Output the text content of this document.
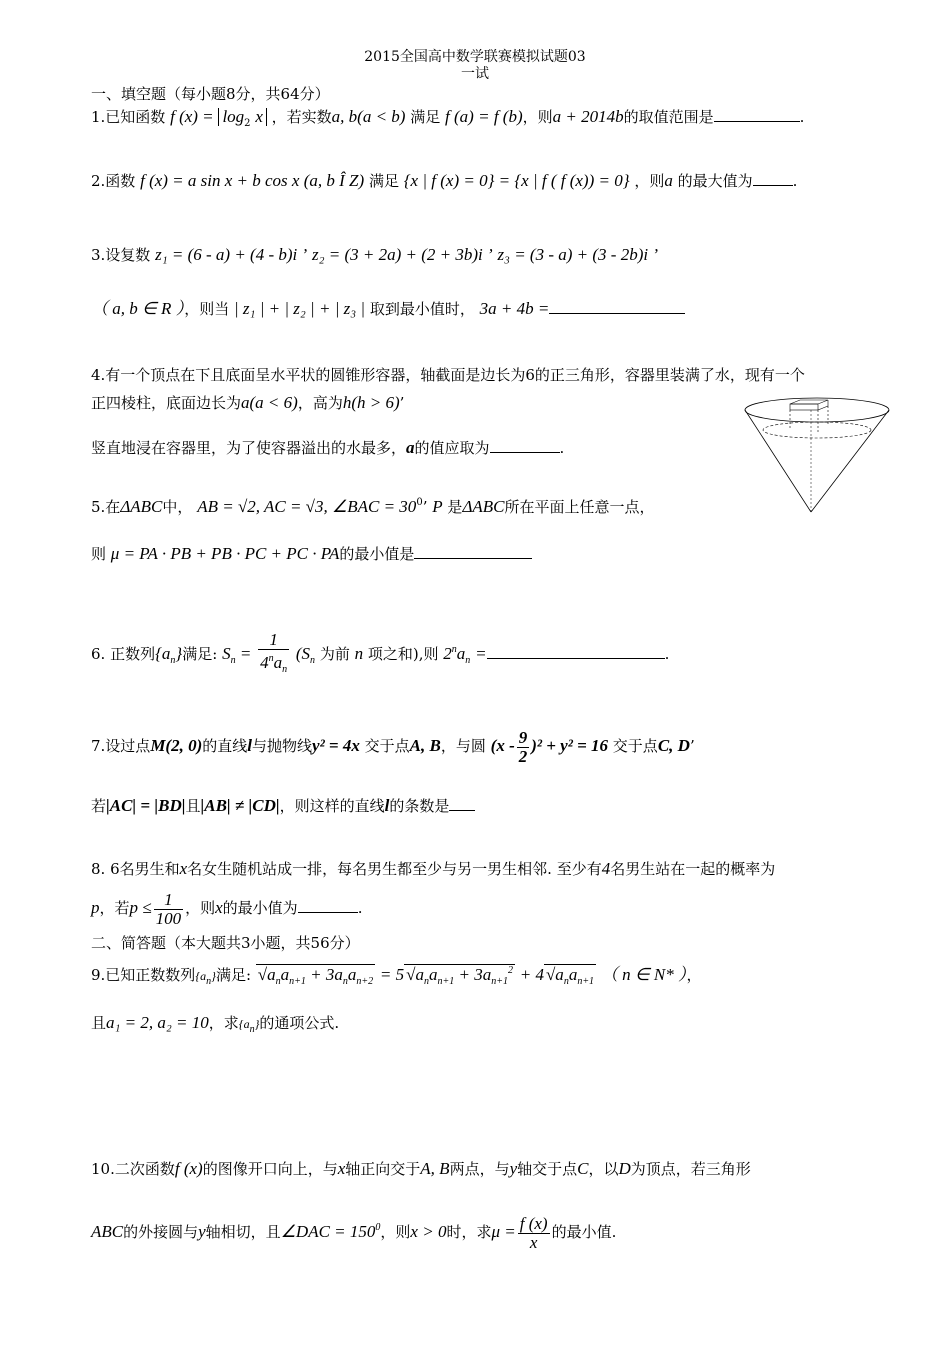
2015全国高中数学联赛模拟试题03
一试
一、填空题（每小题8分，共64分）
1.已知函数 f $(x) = \log_2 x$ ，若实数a, b(a < b) 满足 f (a) = f (b)，则a + 2014b的取值范围是	.
2.函数 f (x) = a sin x + b cos x (a, b Î Z) 满足 {x | f (x) = 0} = {x | f ( f (x)) = 0} ，则a 的最大值为	.
3.设复数 z₁ = (6 - a) + (4 - b)i ’ z₂ = (3 + 2a) + (2 + 3b)i ’ z₃ = (3 - a) + (3 - 2b)i ’
（ a, b ∈ R ），则当 | z₁ | + | z₂ | + | z₃ | 取到最小值时， 3a + 4b =
4.有一个顶点在下且底面呈水平状的圆锥形容器，轴截面是边长为6的正三角形，容器里装满了水，现有一个
正四棱柱，底面边长为a(a < 6)，高为h(h > 6)’
竖直地浸在容器里，为了使容器溢出的水最多，a的值应取为	.
5.在ΔABC中， AB = √2, AC = √3, ∠BAC = $30^0$’ P 是ΔABC所在平面上任意一点，
则 μ = PA · PB + PB · PC + PC · PA的最小值是
6. 正数列$\{a_n\}$满足: $S_n = \frac{1}{4^na_n} (S_n$ 为前 n 项之和),则 $2^na_n$ =	.
7.设过点M(2, 0)的直线l与抛物线y² = 4x 交于点A, B，与圆 $(x - \frac{9}{2} )^2 + y^2 = 16$ 交于点C, D’
若|AC| = |BD|且|AB| ≠ |CD|，则这样的直线l的条数是
8. 6名男生和x名女生随机站成一排，每名男生都至少与另一男生相邻. 至少有4名男生站在一起的概率为
p，若$p \le \frac{1}{100}$ ，则x的最小值为	.
二、简答题（本大题共3小题，共56分）
9.已知正数数列$\{a_n\}$满足: $√a_na_{n+1} + 3a_na_{n+2} = 5$ $√a_na_{n+1} + 3a_{n+1}^2 + 4$ $√a_na_{n+1}$ （ n ∈ N* ），
且a₁ = 2, a₂ = 10，求$\{a_n\}$的通项公式.
10.二次函数f (x)的图像开口向上，与x轴正向交于A, B两点，与y轴交于点C，以D为顶点，若三角形
ABC的外接圆与y轴相切，且∠DAC = $150^0$，则x > 0时，求$\mu = \frac{f (x)}{x}$ 的最小值.
